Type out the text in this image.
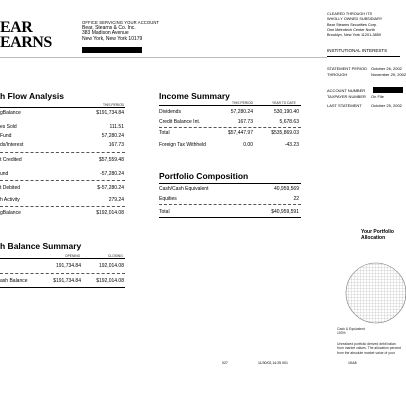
EAR
EARNS
OFFICE SERVICING YOUR ACCOUNT
Bear, Stearns & Co. Inc.
383 Madison Avenue
New York, New York 10179
CLEARED THROUGH ITS
WHOLLY OWNED SUBSIDIARY
Bear Stearns Securities Corp.
One Metrotech Center North
Brooklyn, New York 11201-3859
INSTITUTIONAL INTERESTS
STATEMENT PERIOD October 26, 2002
THROUGH	November 29, 2002
ACCOUNT NUMBER
TAXPAYER NUMBER On File
LAST STATEMENT October 25, 2002
h Flow Analysis
THIS PERIOD
gBalance	$191,734.84
es Sold	111.51
Fund	57,280.24
ds/Interest	167.73
t Credited	$57,559.48
und	-57,280.24
t Debited	$-57,280.24
h Activity	279.24
gBalance	$192,014.08
Income Summary
THIS PERIOD	YEAR TO DATE
Dividends	57,280.24	530,190.40
Credit Balance Int.	167.73	5,678.63
Total	$57,447.97	$535,869.03
Foreign Tax Withheld	0.00	-43.23
Portfolio Composition
Cash/Cash Equivalent	40,959,569
Equities	22
Total	$40,959,591
h Balance Summary
OPENING	CLOSING
191,734.84	192,014.08
ash Balance	$191,734.84	$192,014.08
Your Portfolio
Allocation
Cash & Equivalent
100%
Unrealized portfolio derived debit balan
from market values. The allocation percent
from the absolute market value of your
027	11/30/02,14:25 001	1KA8
